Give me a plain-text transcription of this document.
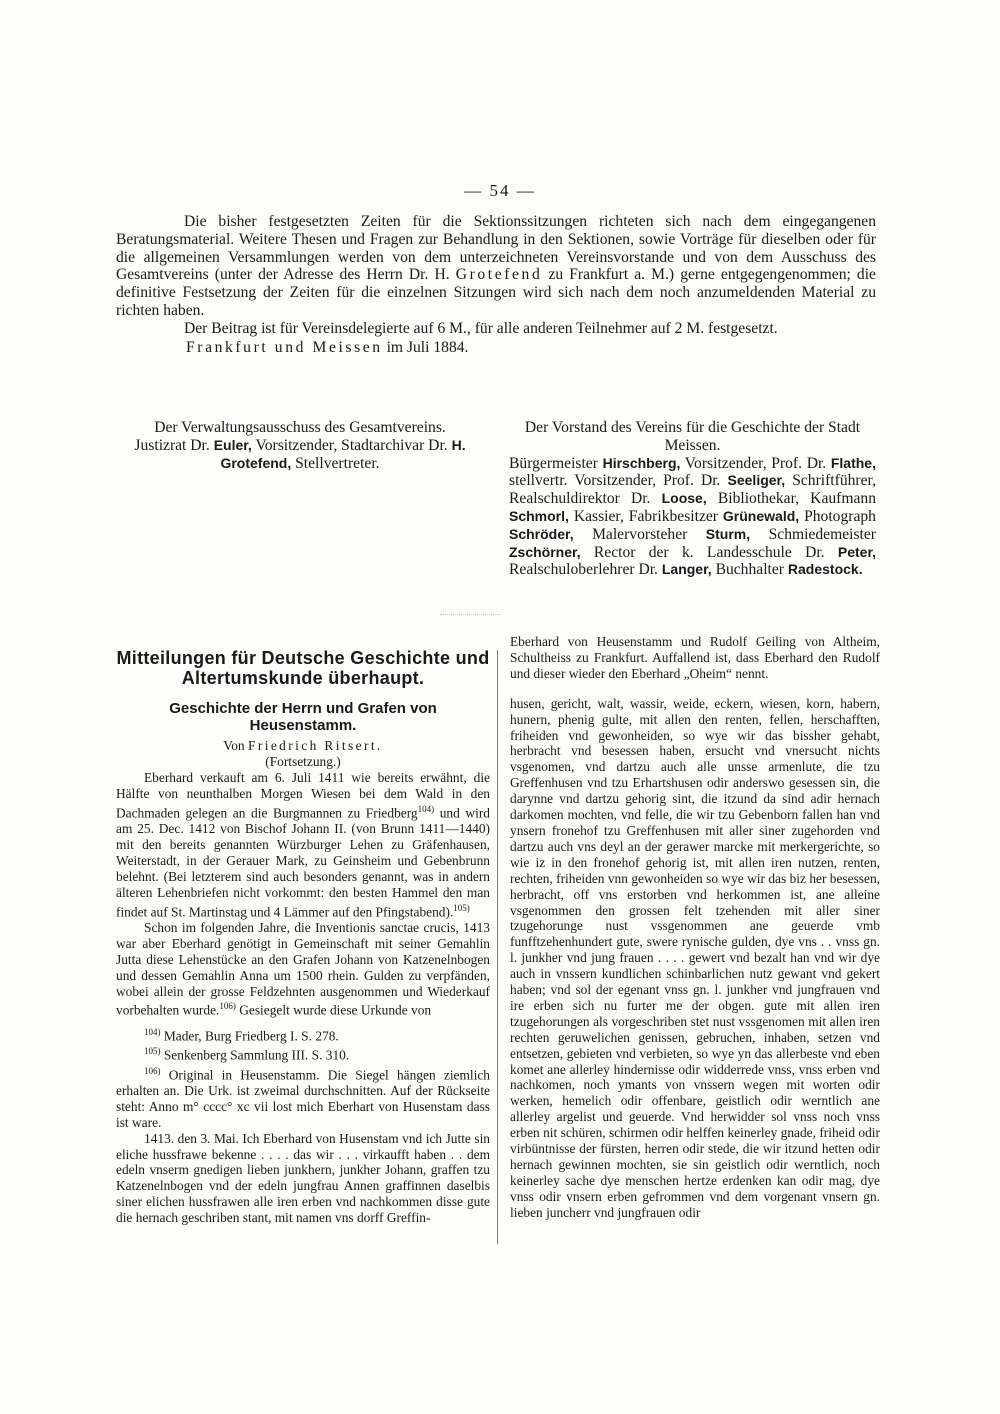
— 54 —

Die bisher festgesetzten Zeiten für die Sektionssitzungen richteten sich nach dem eingegangenen Beratungsmaterial. Weitere Thesen und Fragen zur Behandlung in den Sektionen, sowie Vorträge für dieselben oder für die allgemeinen Versammlungen werden von dem unterzeichneten Vereinsvorstande und von dem Ausschuss des Gesamtvereins (unter der Adresse des Herrn Dr. H. Grotefend zu Frankfurt a. M.) gerne entgegengenommen; die definitive Festsetzung der Zeiten für die einzelnen Sitzungen wird sich nach dem noch anzumeldenden Material zu richten haben.

Der Beitrag ist für Vereinsdelegierte auf 6 M., für alle anderen Teilnehmer auf 2 M. festgesetzt.

Frankfurt und Meissen im Juli 1884.

Der Verwaltungsausschuss des Gesamtvereins.
Justizrat Dr. Euler, Vorsitzender, Stadtarchivar Dr. H. Grotefend, Stellvertreter.
Der Vorstand des Vereins für die Geschichte der Stadt Meissen.
Bürgermeister Hirschberg, Vorsitzender, Prof. Dr. Flathe, stellvertr. Vorsitzender, Prof. Dr. Seeliger, Schriftführer, Realschuldirektor Dr. Loose, Bibliothekar, Kaufmann Schmorl, Kassier, Fabrikbesitzer Grünewald, Photograph Schröder, Malervorsteher Sturm, Schmiedemeister Zschörner, Rector der k. Landesschule Dr. Peter, Realschuloberlehrer Dr. Langer, Buchhalter Radestock.
Mitteilungen für Deutsche Geschichte und Altertumskunde überhaupt.
Geschichte der Herrn und Grafen von Heusenstamm.

Von Friedrich Ritsert.

(Fortsetzung.)

Eberhard verkauft am 6. Juli 1411 wie bereits erwähnt, die Hälfte von neunthalben Morgen Wiesen bei dem Wald in den Dachmaden gelegen an die Burgmannen zu Friedberg$^{104)}$ und wird am 25. Dec. 1412 von Bischof Johann II. (von Brunn 1411—1440) mit den bereits genannten Würzburger Lehen zu Gräfenhausen, Weiterstadt, in der Gerauer Mark, zu Geinsheim und Gebenbrunn belehnt. (Bei letzterem sind auch besonders genannt, was in andern älteren Lehenbriefen nicht vorkommt: den besten Hammel den man findet auf St. Martinstag und 4 Lämmer auf den Pfingstabend).$^{105)}$

Schon im folgenden Jahre, die Inventionis sanctae crucis, 1413 war aber Eberhard genötigt in Gemeinschaft mit seiner Gemahlin Jutta diese Lehenstücke an den Grafen Johann von Katzenelnbogen und dessen Gemahlin Anna um 1500 rhein. Gulden zu verpfänden, wobei allein der grosse Feldzehnten ausgenommen und Wiederkauf vorbehalten wurde.$^{106)}$ Gesiegelt wurde diese Urkunde von

$^{104)}$ Mader, Burg Friedberg I. S. 278.

$^{105)}$ Senkenberg Sammlung III. S. 310.

$^{106)}$ Original in Heusenstamm. Die Siegel hängen ziemlich erhalten an. Die Urk. ist zweimal durchschnitten. Auf der Rückseite steht: Anno m° cccc° xc vii lost mich Eberhart von Husenstam dass ist ware.

1413. den 3. Mai. Ich Eberhard von Husenstam vnd ich Jutte sin eliche hussfrawe bekenne . . . . das wir . . . virkaufft haben . . dem edeln vnserm gnedigen lieben junkhern, junkher Johann, graffen tzu Katzenelnbogen vnd der edeln jungfrau Annen graffinnen daselbis siner elichen hussfrawen alle iren erben vnd nachkommen disse gute die hernach geschriben stant, mit namen vns dorff Greffin-

Eberhard von Heusenstamm und Rudolf Geiling von Altheim, Schultheiss zu Frankfurt. Auffallend ist, dass Eberhard den Rudolf und dieser wieder den Eberhard „Oheim“ nennt.

husen, gericht, walt, wassir, weide, eckern, wiesen, korn, habern, hunern, phenig gulte, mit allen den renten, fellen, herschafften, friheiden vnd gewonheiden, so wye wir das bissher gehabt, herbracht vnd besessen haben, ersucht vnd vnersucht nichts vsgenomen, vnd dartzu auch alle unsse armenlute, die tzu Greffenhusen vnd tzu Erhartshusen odir anderswo gesessen sin, die darynne vnd dartzu gehorig sint, die itzund da sind adir hernach darkomen mochten, vnd felle, die wir tzu Gebenborn fallen han vnd ynsern fronehof tzu Greffenhusen mit aller siner zugehorden vnd dartzu auch vns deyl an der gerawer marcke mit merkergerichte, so wie iz in den fronehof gehorig ist, mit allen iren nutzen, renten, rechten, friheiden vnn gewonheiden so wye wir das biz her besessen, herbracht, off vns erstorben vnd herkommen ist, ane alleine vsgenommen den grossen felt tzehenden mit aller siner tzugehorunge nust vssgenommen ane geuerde vmb funfftzehenhundert gute, swere rynische gulden, dye vns . . vnss gn. l. junkher vnd jung frauen . . . . gewert vnd bezalt han vnd wir dye auch in vnssern kundlichen schinbarlichen nutz gewant vnd gekert haben; vnd sol der egenant vnss gn. l. junkher vnd jungfrauen vnd ire erben sich nu furter me der obgen. gute mit allen iren tzugehorungen als vorgeschriben stet nust vssgenomen mit allen iren rechten geruwelichen genissen, gebruchen, inhaben, setzen vnd entsetzen, gebieten vnd verbieten, so wye yn das allerbeste vnd eben komet ane allerley hindernisse odir widderrede vnss, vnss erben vnd nachkomen, noch ymants von vnssern wegen mit worten odir werken, hemelich odir offenbare, geistlich odir werntlich ane allerley argelist und geuerde. Vnd herwidder sol vnss noch vnss erben nit schüren, schirmen odir helffen keinerley gnade, friheid odir virbüntnisse der fürsten, herren odir stede, die wir itzund hetten odir hernach gewinnen mochten, sie sin geistlich odir werntlich, noch keinerley sache dye menschen hertze erdenken kan odir mag, dye vnss odir vnsern erben gefrommen vnd dem vorgenant vnsern gn. lieben juncherr vnd jungfrauen odir
